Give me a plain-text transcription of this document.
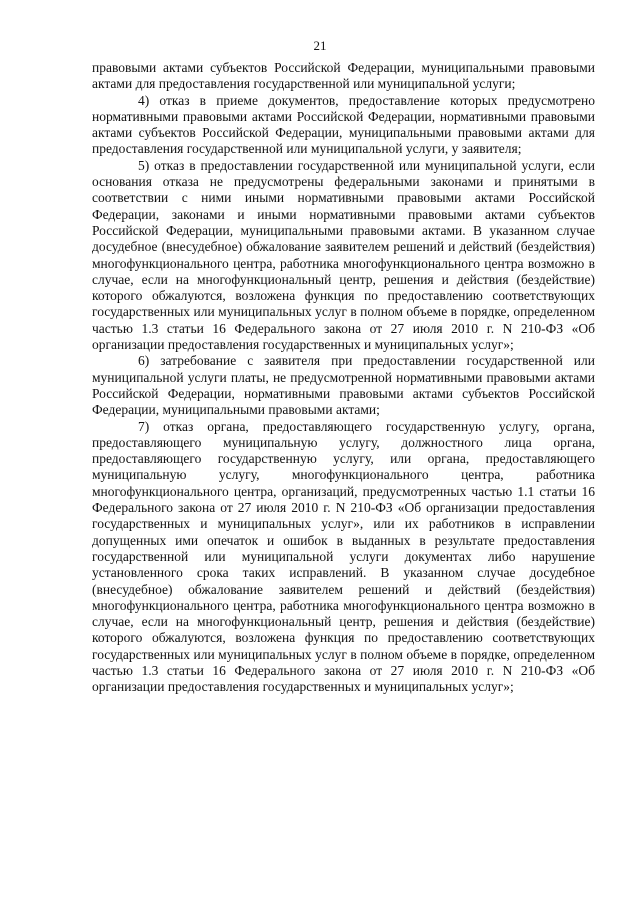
21

правовыми актами субъектов Российской Федерации, муниципальными правовыми актами для предоставления государственной или муниципальной услуги;

4) отказ в приеме документов, предоставление которых предусмотрено нормативными правовыми актами Российской Федерации, нормативными правовыми актами субъектов Российской Федерации, муниципальными правовыми актами для предоставления государственной или муниципальной услуги, у заявителя;

5) отказ в предоставлении государственной или муниципальной услуги, если основания отказа не предусмотрены федеральными законами и принятыми в соответствии с ними иными нормативными правовыми актами Российской Федерации, законами и иными нормативными правовыми актами субъектов Российской Федерации, муниципальными правовыми актами. В указанном случае досудебное (внесудебное) обжалование заявителем решений и действий (бездействия) многофункционального центра, работника многофункционального центра возможно в случае, если на многофункциональный центр, решения и действия (бездействие) которого обжалуются, возложена функция по предоставлению соответствующих государственных или муниципальных услуг в полном объеме в порядке, определенном частью 1.3 статьи 16 Федерального закона от 27 июля 2010 г. N 210-ФЗ «Об организации предоставления государственных и муниципальных услуг»;

6) затребование с заявителя при предоставлении государственной или муниципальной услуги платы, не предусмотренной нормативными правовыми актами Российской Федерации, нормативными правовыми актами субъектов Российской Федерации, муниципальными правовыми актами;

7) отказ органа, предоставляющего государственную услугу, органа, предоставляющего муниципальную услугу, должностного лица органа, предоставляющего государственную услугу, или органа, предоставляющего муниципальную услугу, многофункционального центра, работника многофункционального центра, организаций, предусмотренных частью 1.1 статьи 16 Федерального закона от 27 июля 2010 г. N 210-ФЗ «Об организации предоставления государственных и муниципальных услуг», или их работников в исправлении допущенных ими опечаток и ошибок в выданных в результате предоставления государственной или муниципальной услуги документах либо нарушение установленного срока таких исправлений. В указанном случае досудебное (внесудебное) обжалование заявителем решений и действий (бездействия) многофункционального центра, работника многофункционального центра возможно в случае, если на многофункциональный центр, решения и действия (бездействие) которого обжалуются, возложена функция по предоставлению соответствующих государственных или муниципальных услуг в полном объеме в порядке, определенном частью 1.3 статьи 16 Федерального закона от 27 июля 2010 г. N 210-ФЗ «Об организации предоставления государственных и муниципальных услуг»;
